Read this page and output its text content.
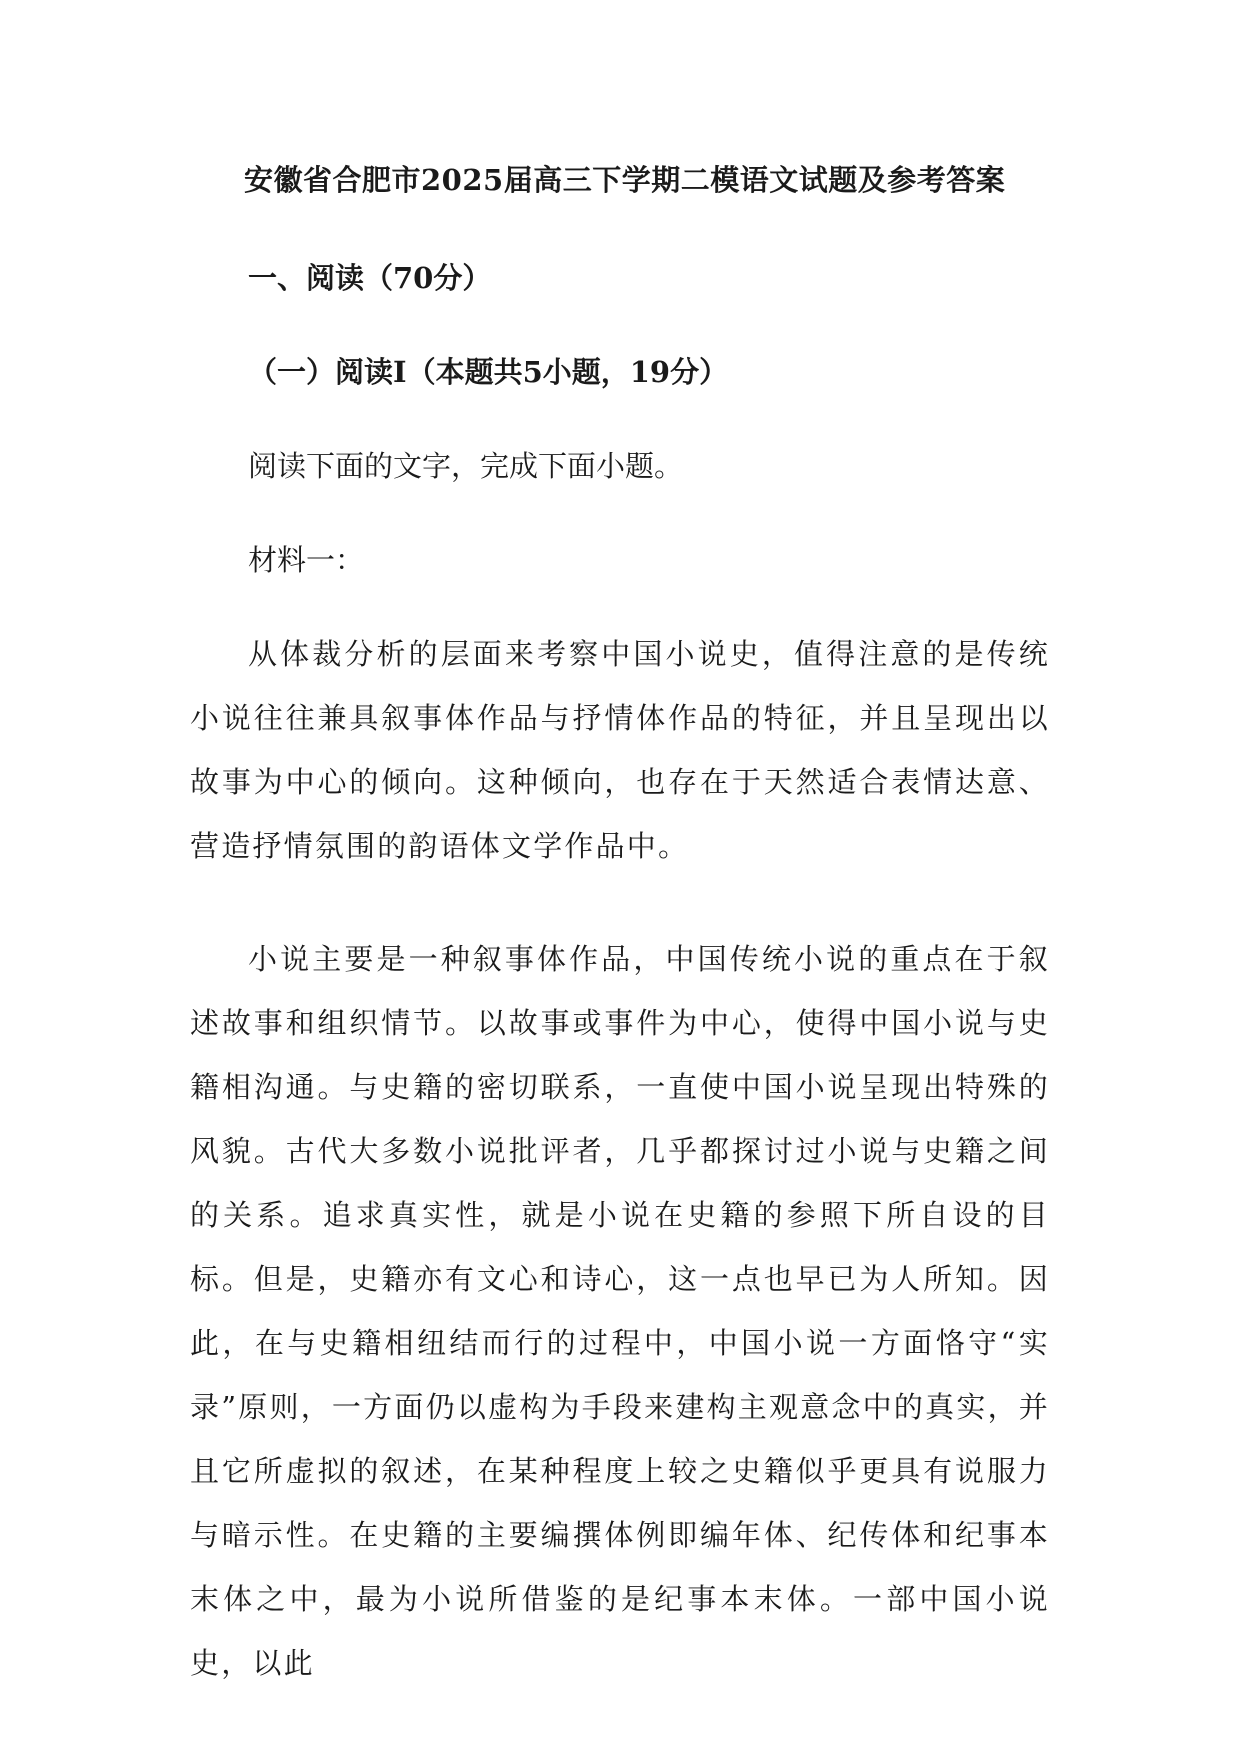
安徽省合肥市2025届高三下学期二模语文试题及参考答案
一、阅读（70分）
（一）阅读Ⅰ（本题共5小题，19分）
阅读下面的文字，完成下面小题。
材料一：

从体裁分析的层面来考察中国小说史，值得注意的是传统小说往往兼具叙事体作品与抒情体作品的特征，并且呈现出以故事为中心的倾向。这种倾向，也存在于天然适合表情达意、营造抒情氛围的韵语体文学作品中。

小说主要是一种叙事体作品，中国传统小说的重点在于叙述故事和组织情节。以故事或事件为中心，使得中国小说与史籍相沟通。与史籍的密切联系，一直使中国小说呈现出特殊的风貌。古代大多数小说批评者，几乎都探讨过小说与史籍之间的关系。追求真实性，就是小说在史籍的参照下所自设的目标。但是，史籍亦有文心和诗心，这一点也早已为人所知。因此，在与史籍相纽结而行的过程中，中国小说一方面恪守“实录”原则，一方面仍以虚构为手段来建构主观意念中的真实，并且它所虚拟的叙述，在某种程度上较之史籍似乎更具有说服力与暗示性。在史籍的主要编撰体例即编年体、纪传体和纪事本末体之中，最为小说所借鉴的是纪事本末体。一部中国小说史，以此
